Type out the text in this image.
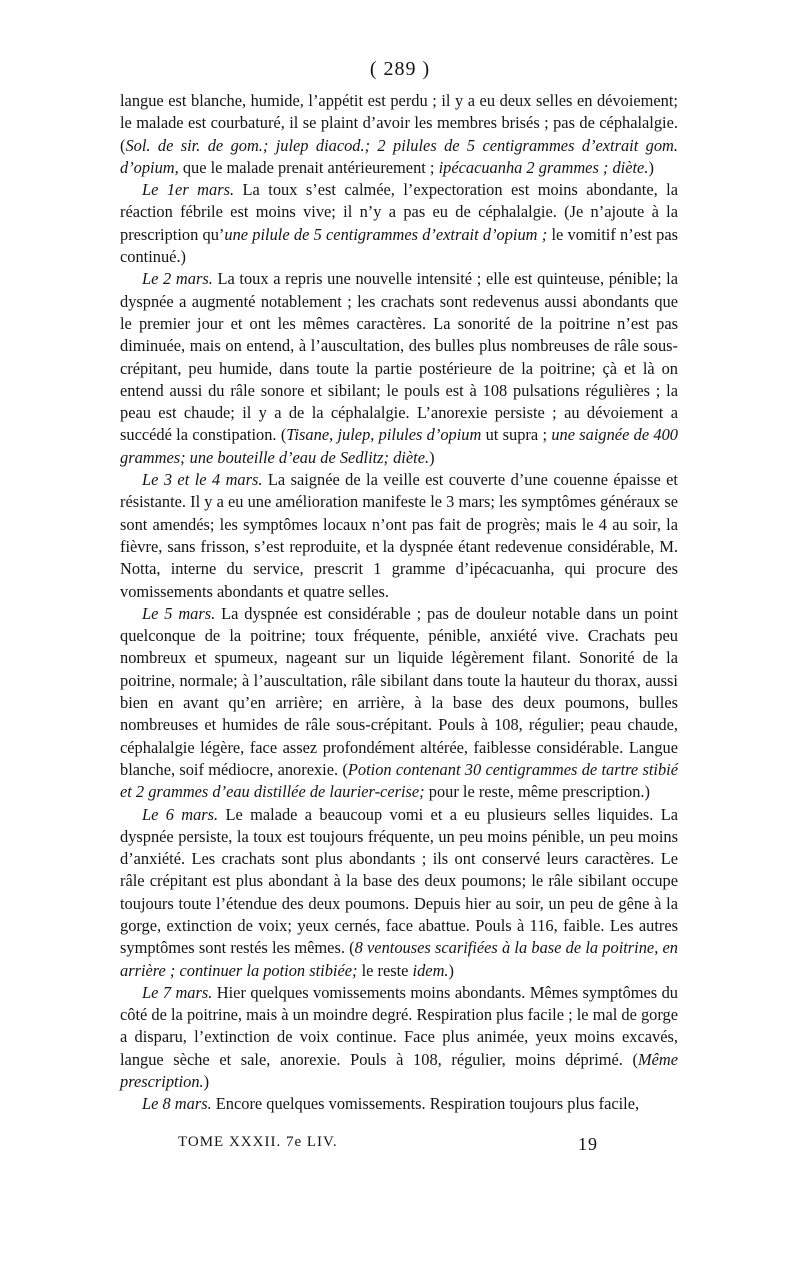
( 289 )

langue est blanche, humide, l’appétit est perdu ; il y a eu deux selles en dévoiement; le malade est courbaturé, il se plaint d’avoir les membres brisés ; pas de céphalalgie. (Sol. de sir. de gom.; julep diacod.; 2 pilules de 5 centigrammes d’extrait gom. d’opium, que le malade prenait antérieurement ; ipécacuanha 2 grammes ; diète.)

Le 1er mars. La toux s’est calmée, l’expectoration est moins abondante, la réaction fébrile est moins vive; il n’y a pas eu de céphalalgie. (Je n’ajoute à la prescription qu’une pilule de 5 centigrammes d’extrait d’opium ; le vomitif n’est pas continué.)

Le 2 mars. La toux a repris une nouvelle intensité ; elle est quinteuse, pénible; la dyspnée a augmenté notablement ; les crachats sont redevenus aussi abondants que le premier jour et ont les mêmes caractères. La sonorité de la poitrine n’est pas diminuée, mais on entend, à l’auscultation, des bulles plus nombreuses de râle sous-crépitant, peu humide, dans toute la partie postérieure de la poitrine; çà et là on entend aussi du râle sonore et sibilant; le pouls est à 108 pulsations régulières ; la peau est chaude; il y a de la céphalalgie. L’anorexie persiste ; au dévoiement a succédé la constipation. (Tisane, julep, pilules d’opium ut supra ; une saignée de 400 grammes; une bouteille d’eau de Sedlitz; diète.)

Le 3 et le 4 mars. La saignée de la veille est couverte d’une couenne épaisse et résistante. Il y a eu une amélioration manifeste le 3 mars; les symptômes généraux se sont amendés; les symptômes locaux n’ont pas fait de progrès; mais le 4 au soir, la fièvre, sans frisson, s’est reproduite, et la dyspnée étant redevenue considérable, M. Notta, interne du service, prescrit 1 gramme d’ipécacuanha, qui procure des vomissements abondants et quatre selles.

Le 5 mars. La dyspnée est considérable ; pas de douleur notable dans un point quelconque de la poitrine; toux fréquente, pénible, anxiété vive. Crachats peu nombreux et spumeux, nageant sur un liquide légèrement filant. Sonorité de la poitrine, normale; à l’auscultation, râle sibilant dans toute la hauteur du thorax, aussi bien en avant qu’en arrière; en arrière, à la base des deux poumons, bulles nombreuses et humides de râle sous-crépitant. Pouls à 108, régulier; peau chaude, céphalalgie légère, face assez profondément altérée, faiblesse considérable. Langue blanche, soif médiocre, anorexie. (Potion contenant 30 centigrammes de tartre stibié et 2 grammes d’eau distillée de laurier-cerise; pour le reste, même prescription.)

Le 6 mars. Le malade a beaucoup vomi et a eu plusieurs selles liquides. La dyspnée persiste, la toux est toujours fréquente, un peu moins pénible, un peu moins d’anxiété. Les crachats sont plus abondants ; ils ont conservé leurs caractères. Le râle crépitant est plus abondant à la base des deux poumons; le râle sibilant occupe toujours toute l’étendue des deux poumons. Depuis hier au soir, un peu de gêne à la gorge, extinction de voix; yeux cernés, face abattue. Pouls à 116, faible. Les autres symptômes sont restés les mêmes. (8 ventouses scarifiées à la base de la poitrine, en arrière ; continuer la potion stibiée; le reste idem.)

Le 7 mars. Hier quelques vomissements moins abondants. Mêmes symptômes du côté de la poitrine, mais à un moindre degré. Respiration plus facile ; le mal de gorge a disparu, l’extinction de voix continue. Face plus animée, yeux moins excavés, langue sèche et sale, anorexie. Pouls à 108, régulier, moins déprimé. (Même prescription.)

Le 8 mars. Encore quelques vomissements. Respiration toujours plus facile,

TOME XXXII. 7e LIV.	19
